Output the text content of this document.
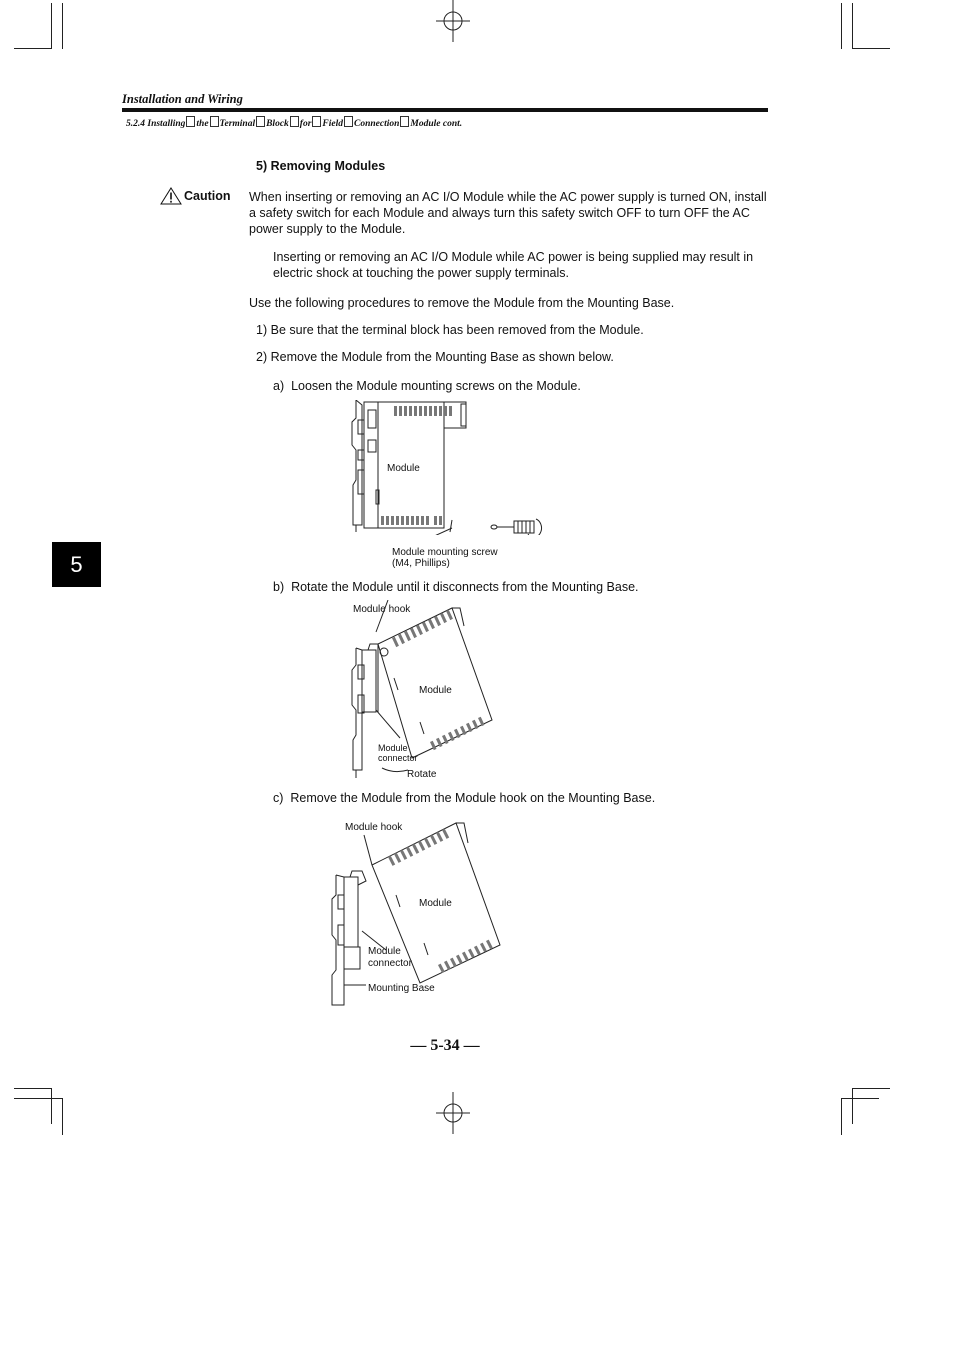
Installation and Wiring
5.2.4 Installing the Terminal Block for Field Connection Module cont.
5) Removing Modules
Caution When inserting or removing an AC I/O Module while the AC power supply is turned ON, install a safety switch for each Module and always turn this safety switch OFF to turn OFF the AC power supply to the Module.
Inserting or removing an AC I/O Module while AC power is being supplied may result in electric shock at touching the power supply terminals.
Use the following procedures to remove the Module from the Mounting Base.
1) Be sure that the terminal block has been removed from the Module.
2) Remove the Module from the Mounting Base as shown below.
a) Loosen the Module mounting screws on the Module.
Module
Module mounting screw
(M4, Phillips)
b) Rotate the Module until it disconnects from the Mounting Base.
Module hook
Module
Module
connector
Rotate
c) Remove the Module from the Module hook on the Mounting Base.
Module hook
Module
Module
connector
Mounting Base
5
— 5-34 —
